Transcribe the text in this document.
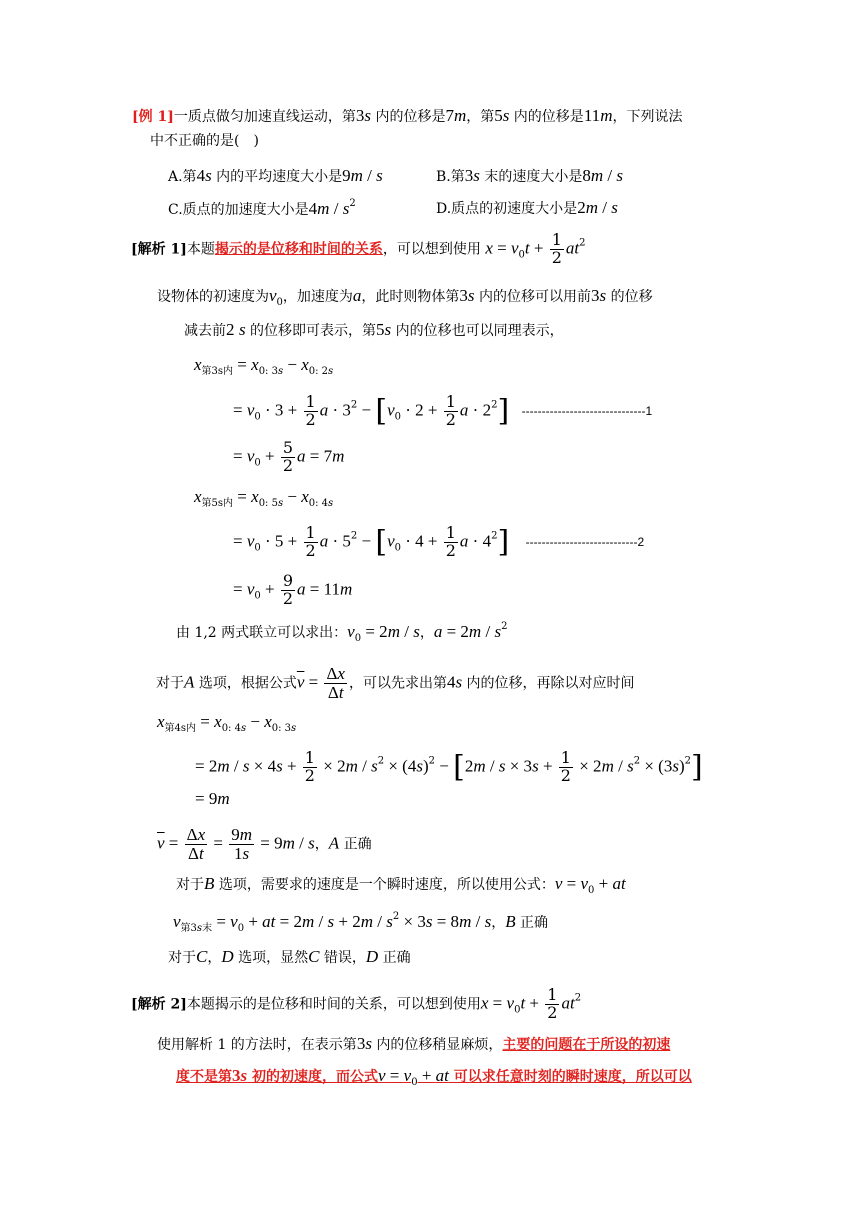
[例 1]一质点做匀加速直线运动，第3s 内的位移是7m，第5s 内的位移是11m，下列说法
中不正确的是( )
A.第4s 内的平均速度大小是9m / s	B.第3s 末的速度大小是8m / s
C.质点的加速度大小是$4m / s^2$	D.质点的初速度大小是2m / s
[解析 1]本题揭示的是位移和时间的关系，可以想到使用 $x = v_0t + \frac{1}{2} at^2$
设物体的初速度为$v_0$，加速度为a，此时则物体第3s 内的位移可以用前3s 的位移
减去前2 s 的位移即可表示，第5s 内的位移也可以同理表示，
$x_{第3s内} = x_{0: 3s} - x_{0: 2s}$
= $v_0 \cdot 3 + \frac{1}{2}$ $a \cdot 3^2 - [v_0 \cdot 2 + \frac{1}{2}$ $a \cdot 2^2$] -------------------------------1
= $v_0 + \frac{5}{2}$ a = 7m
$x_{第5s内} = x_{0: 5s} - x_{0: 4s}$
= $v_0 \cdot 5 + \frac{1}{2}$ $a \cdot 5^2 - [v_0 \cdot 4 + \frac{1}{2}$ $a \cdot 4^2$] ----------------------------2
= $v_0 + \frac{9}{2}$ a = 11m
由 1,2 两式联立可以求出：$v_0 = 2m / s$，$a = 2m / s^2$
对于A 选项，根据公式$\overline{v} = \frac{\Delta x}{\Delta t}$ ，可以先求出第4s 内的位移，再除以对应时间
$x_{第4s内} = x_{0: 4s} - x_{0: 3s}$
= $2m / s \times 4s + \frac{1}{2} \times 2m / s^2 \times (4s)^2 - [2m / s \times 3s + \frac{1}{2} \times 2m / s^2 \times (3s)^2]$
= 9m
$\overline{v} = \frac{\Delta x}{\Delta t} = \frac{9m}{1s} = 9m / s$，A 正确
对于B 选项，需要求的速度是一个瞬时速度，所以使用公式：$v = v_0$ + at
$v_{第3s末} = v_0$ + at = $2m / s + 2m / s^2 \times 3s = 8m / s$，B 正确
对于C，D 选项，显然C 错误，D 正确
[解析 2]本题揭示的是位移和时间的关系，可以想到使用$x = v_0t + \frac{1}{2} at^2$
使用解析 1 的方法时，在表示第3s 内的位移稍显麻烦，主要的问题在于所设的初速
度不是第3s 初的初速度，而公式$v = v_0$ + at 可以求任意时刻的瞬时速度，所以可以
